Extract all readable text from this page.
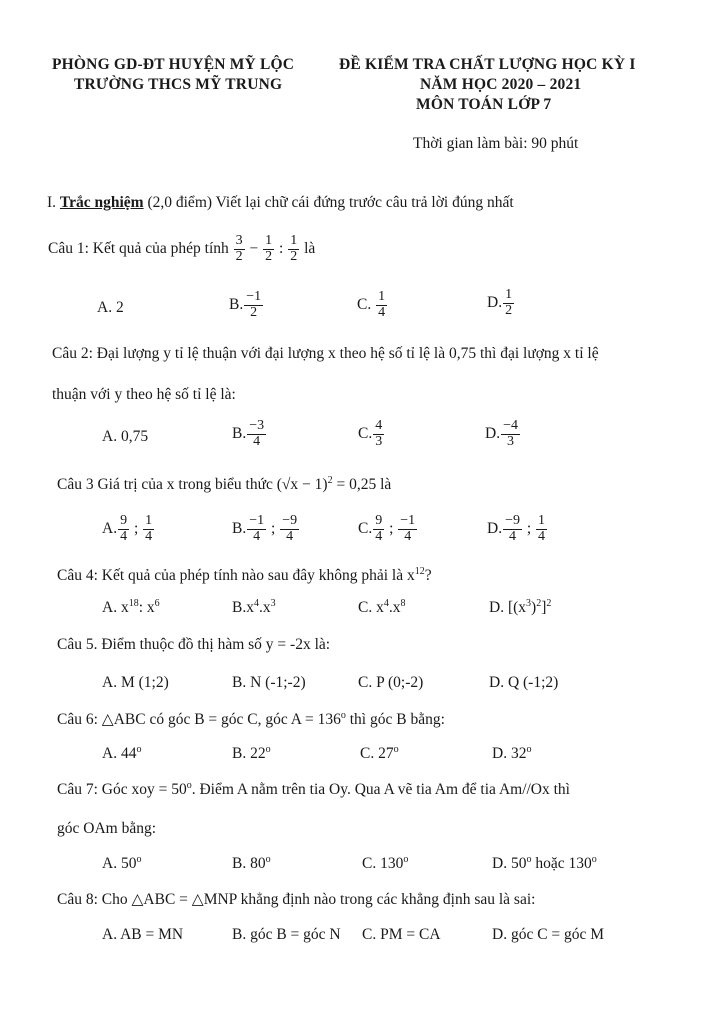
PHÒNG GD-ĐT HUYỆN MỸ LỘC
TRƯỜNG THCS MỸ TRUNG
ĐỀ KIỂM TRA CHẤT LƯỢNG HỌC KỲ I
NĂM HỌC 2020 – 2021
MÔN TOÁN LỚP 7
Thời gian làm bài: 90 phút
I. Trắc nghiệm (2,0 điểm) Viết lại chữ cái đứng trước câu trả lời đúng nhất
Câu 1: Kết quả của phép tính $\frac{3}{2} - \frac{1}{2}$ : $\frac{1}{2}$ là
A. 2	B. $\frac{-1}{2}$	C. $\frac{1}{4}$	D. $\frac{1}{2}$
Câu 2: Đại lượng y tỉ lệ thuận với đại lượng x theo hệ số tỉ lệ là 0,75 thì đại lượng x tỉ lệ
thuận với y theo hệ số tỉ lệ là:
A. 0,75	B. $\frac{-3}{4}$	C. $\frac{4}{3}$	D. $\frac{-4}{3}$
Câu 3 Giá trị của x trong biểu thức $(√x - 1)^2 = 0,25$ là
A. $\frac{9}{4}$ ; $\frac{1}{4}$	B. $\frac{-1}{4}$ ; $\frac{-9}{4}$	C. $\frac{9}{4}$ ; $\frac{-1}{4}$	D. $\frac{-9}{4}$ ; $\frac{1}{4}$
Câu 4: Kết quả của phép tính nào sau đây không phải là $x^{12}$?
A. $x^{18}$: $x^6$	$B.x^4.x^3$	C. $x^4.x^8$	D. $[(x^3)^2]^2$
Câu 5. Điểm thuộc đồ thị hàm số y = -2x là:
A. M (1;2)	B. N (-1;-2)	C. P (0;-2)	D. Q (-1;2)
Câu 6: △ABC có góc B = góc C, góc $A = 136^o$ thì góc B bằng:
A. 44$^o$	B. 22$^o$	C. 27$^o$	D. 32$^o$
Câu 7: Góc xoy = $50^o$. Điểm A nằm trên tia Oy. Qua A vẽ tia Am để tia Am//Ox thì
góc OAm bằng:
A. 50$^o$	B. 80$^o$	C. 130$^o$	D. 50$^o$ hoặc 130$^o$
Câu 8: Cho △ABC = △MNP khẳng định nào trong các khẳng định sau là sai:
A. AB = MN	B. góc B = góc N C. PM = CA	D. góc C = góc M
